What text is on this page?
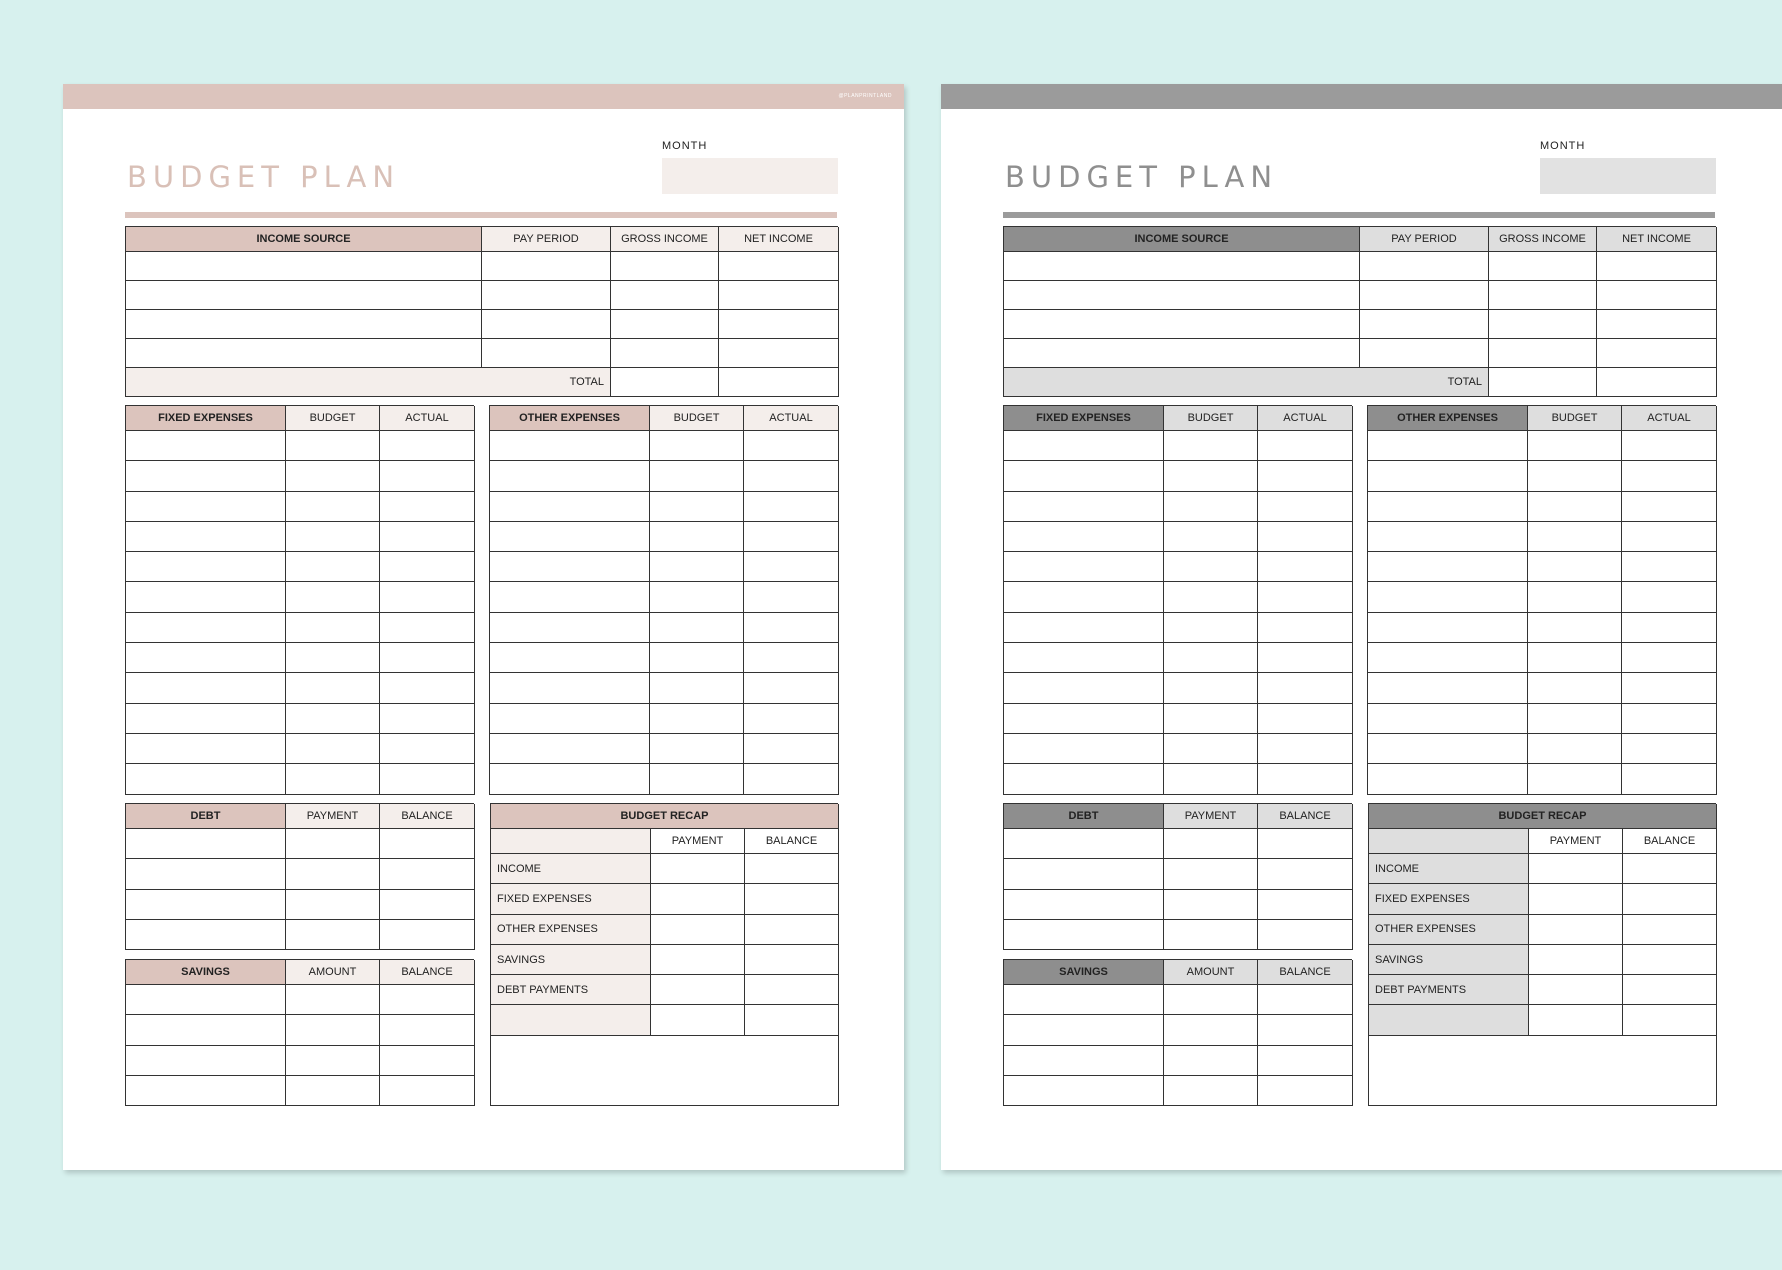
@PLANPRINTLAND
BUDGET PLAN
MONTH
INCOME SOURCE	PAY PERIOD	GROSS INCOME	NET INCOME
TOTAL
FIXED EXPENSES	BUDGET	ACTUAL	OTHER EXPENSES	BUDGET	ACTUAL
DEBT	PAYMENT	BALANCE
SAVINGS	AMOUNT	BALANCE
BUDGET RECAP
PAYMENT	BALANCE
INCOME
FIXED EXPENSES
OTHER EXPENSES
SAVINGS
DEBT PAYMENTS
BUDGET PLAN
MONTH
INCOME SOURCE	PAY PERIOD	GROSS INCOME	NET INCOME
TOTAL
FIXED EXPENSES	BUDGET	ACTUAL	OTHER EXPENSES	BUDGET	ACTUAL
DEBT	PAYMENT	BALANCE
SAVINGS	AMOUNT	BALANCE
BUDGET RECAP
PAYMENT	BALANCE
INCOME
FIXED EXPENSES
OTHER EXPENSES
SAVINGS
DEBT PAYMENTS
